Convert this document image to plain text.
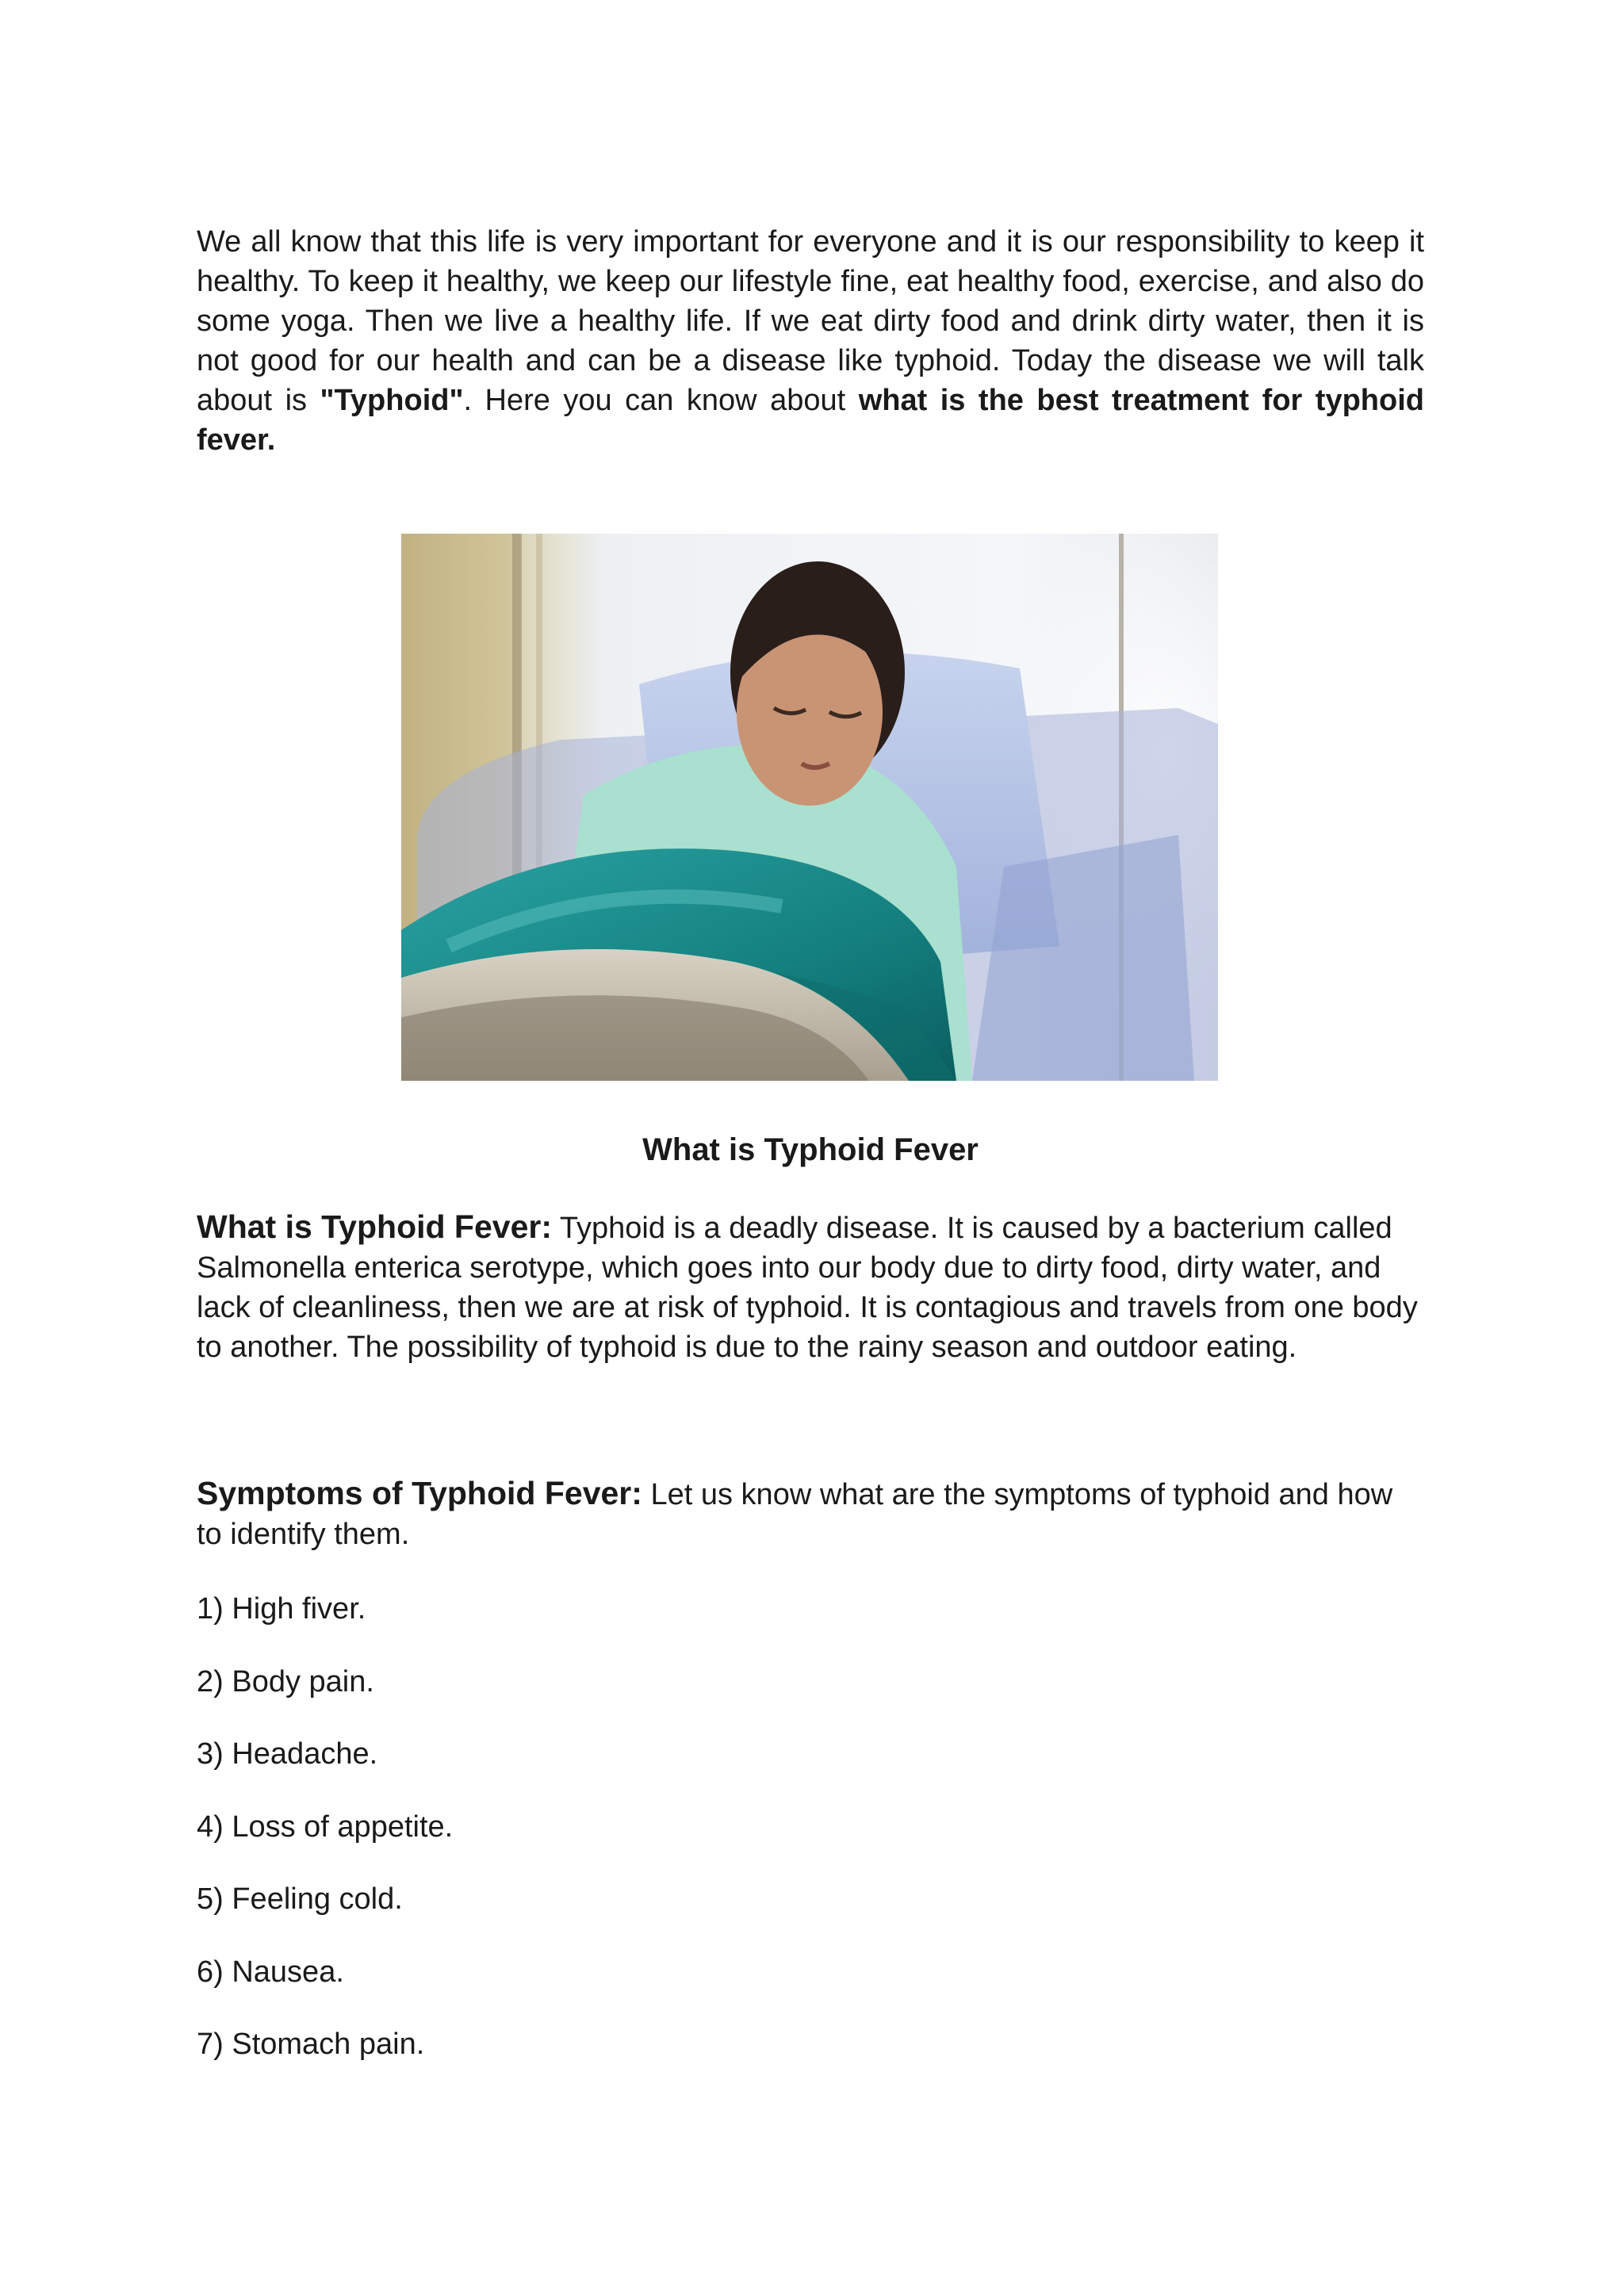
We all know that this life is very important for everyone and it is our responsibility to keep it healthy. To keep it healthy, we keep our lifestyle fine, eat healthy food, exercise, and also do some yoga. Then we live a healthy life. If we eat dirty food and drink dirty water, then it is not good for our health and can be a disease like typhoid. Today the disease we will talk about is "Typhoid". Here you can know about what is the best treatment for typhoid fever.

What is Typhoid Fever

What is Typhoid Fever: Typhoid is a deadly disease. It is caused by a bacterium called Salmonella enterica serotype, which goes into our body due to dirty food, dirty water, and lack of cleanliness, then we are at risk of typhoid. It is contagious and travels from one body to another. The possibility of typhoid is due to the rainy season and outdoor eating.

Symptoms of Typhoid Fever: Let us know what are the symptoms of typhoid and how to identify them.

1) High fiver.
2) Body pain.
3) Headache.
4) Loss of appetite.
5) Feeling cold.
6) Nausea.
7) Stomach pain.
